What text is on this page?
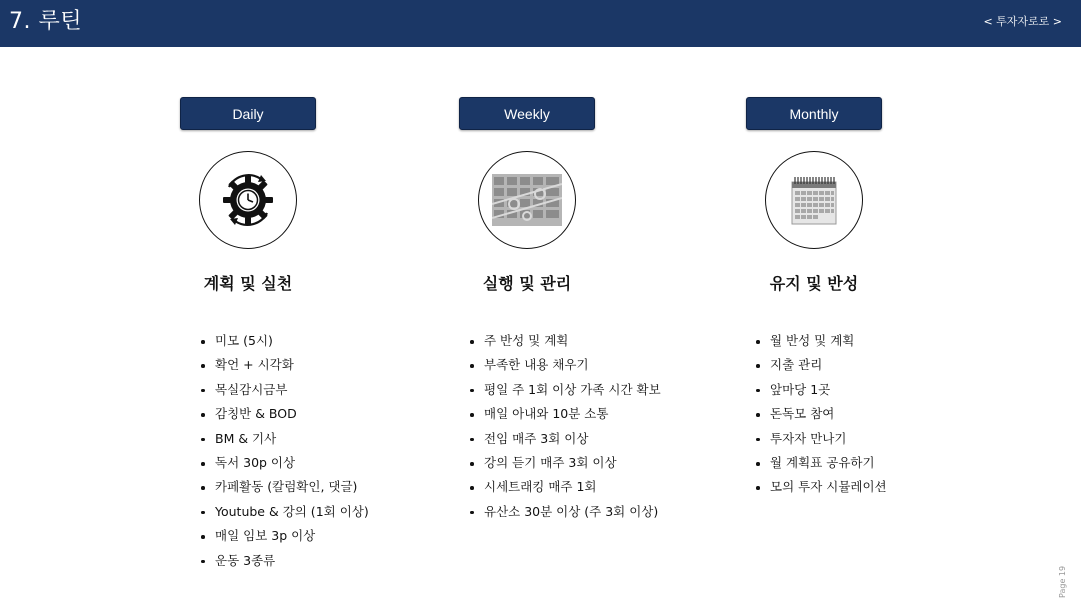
7. 루틴	< 투자자로로 >
Daily
계획 및 실천
미모 (5시)
확언 + 시각화
목실감시금부
감칭반 & BOD
BM & 기사
독서 30p 이상
카페활동 (칼럼확인, 댓글)
Youtube & 강의 (1회 이상)
매일 임보 3p 이상
운동 3종류
Weekly
실행 및 관리
주 반성 및 계획
부족한 내용 채우기
평일 주 1회 이상 가족 시간 확보
매일 아내와 10분 소통
전임 매주 3회 이상
강의 듣기 매주 3회 이상
시세트래킹 매주 1회
유산소 30분 이상 (주 3회 이상)
Monthly
유지 및 반성
월 반성 및 계획
지출 관리
앞마당 1곳
돈독모 참여
투자자 만나기
월 계획표 공유하기
모의 투자 시뮬레이션
Page 19
